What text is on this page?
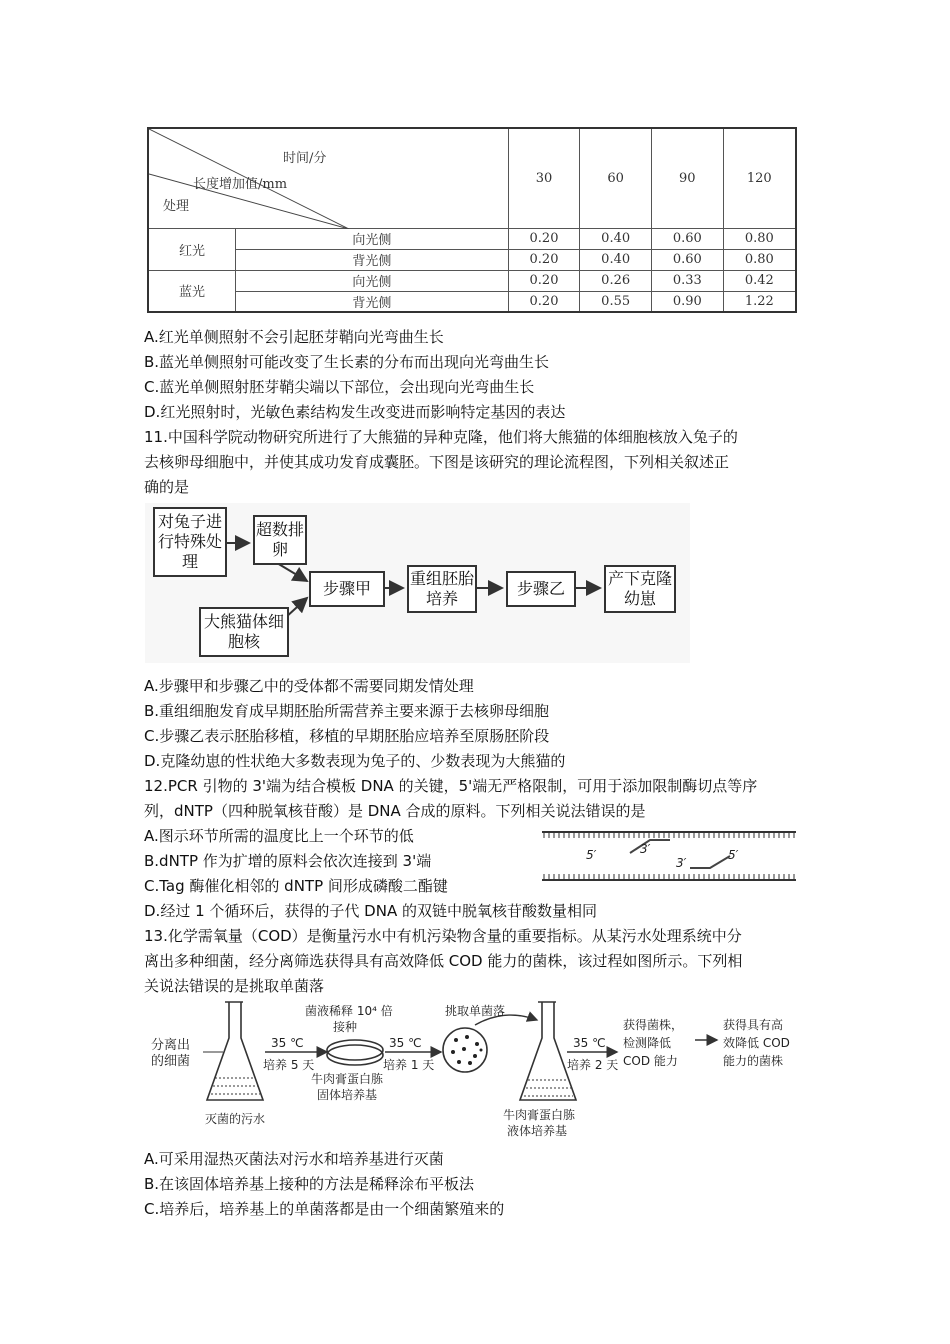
时间/分
长度增加值/mm
处理		30	60	90	120
红光	向光侧	0.20	0.40	0.60	0.80
	背光侧	0.20	0.40	0.60	0.80
蓝光	向光侧	0.20	0.26	0.33	0.42
	背光侧	0.20	0.55	0.90	1.22
A.红光单侧照射不会引起胚芽鞘向光弯曲生长
B.蓝光单侧照射可能改变了生长素的分布而出现向光弯曲生长
C.蓝光单侧照射胚芽鞘尖端以下部位，会出现向光弯曲生长
D.红光照射时，光敏色素结构发生改变进而影响特定基因的表达
11.中国科学院动物研究所进行了大熊猫的异种克隆，他们将大熊猫的体细胞核放入兔子的
去核卵母细胞中，并使其成功发育成囊胚。下图是该研究的理论流程图，下列相关叙述正
确的是
对兔子进行特殊处理
超数排卵
大熊猫体细胞核
步骤甲
重组胚胎培养
步骤乙
产下克隆幼崽
A.步骤甲和步骤乙中的受体都不需要同期发情处理
B.重组细胞发育成早期胚胎所需营养主要来源于去核卵母细胞
C.步骤乙表示胚胎移植，移植的早期胚胎应培养至原肠胚阶段
D.克隆幼崽的性状绝大多数表现为兔子的、少数表现为大熊猫的
12.PCR 引物的 3'端为结合模板 DNA 的关键，5'端无严格限制，可用于添加限制酶切点等序
列，dNTP（四种脱氧核苷酸）是 DNA 合成的原料。下列相关说法错误的是
A.图示环节所需的温度比上一个环节的低
B.dNTP 作为扩增的原料会依次连接到 3'端
C.Tag 酶催化相邻的 dNTP 间形成磷酸二酯键
D.经过 1 个循环后，获得的子代 DNA 的双链中脱氧核苷酸数量相同
5′	3′
3′
5′
13.化学需氧量（COD）是衡量污水中有机污染物含量的重要指标。从某污水处理系统中分
离出多种细菌，经分离筛选获得具有高效降低 COD 能力的菌株，该过程如图所示。下列相
关说法错误的是挑取单菌落
分离出
的细菌
35 ℃
培养 5 天
菌液稀释 10⁴ 倍
接种
35 ℃
培养 1 天
挑取单菌落
35 ℃
培养 2 天
灭菌的污水
牛肉膏蛋白胨
固体培养基
牛肉膏蛋白胨
液体培养基
获得菌株，
检测降低
COD 能力
获得具有高
效降低 COD
能力的菌株
A.可采用湿热灭菌法对污水和培养基进行灭菌
B.在该固体培养基上接种的方法是稀释涂布平板法
C.培养后，培养基上的单菌落都是由一个细菌繁殖来的
